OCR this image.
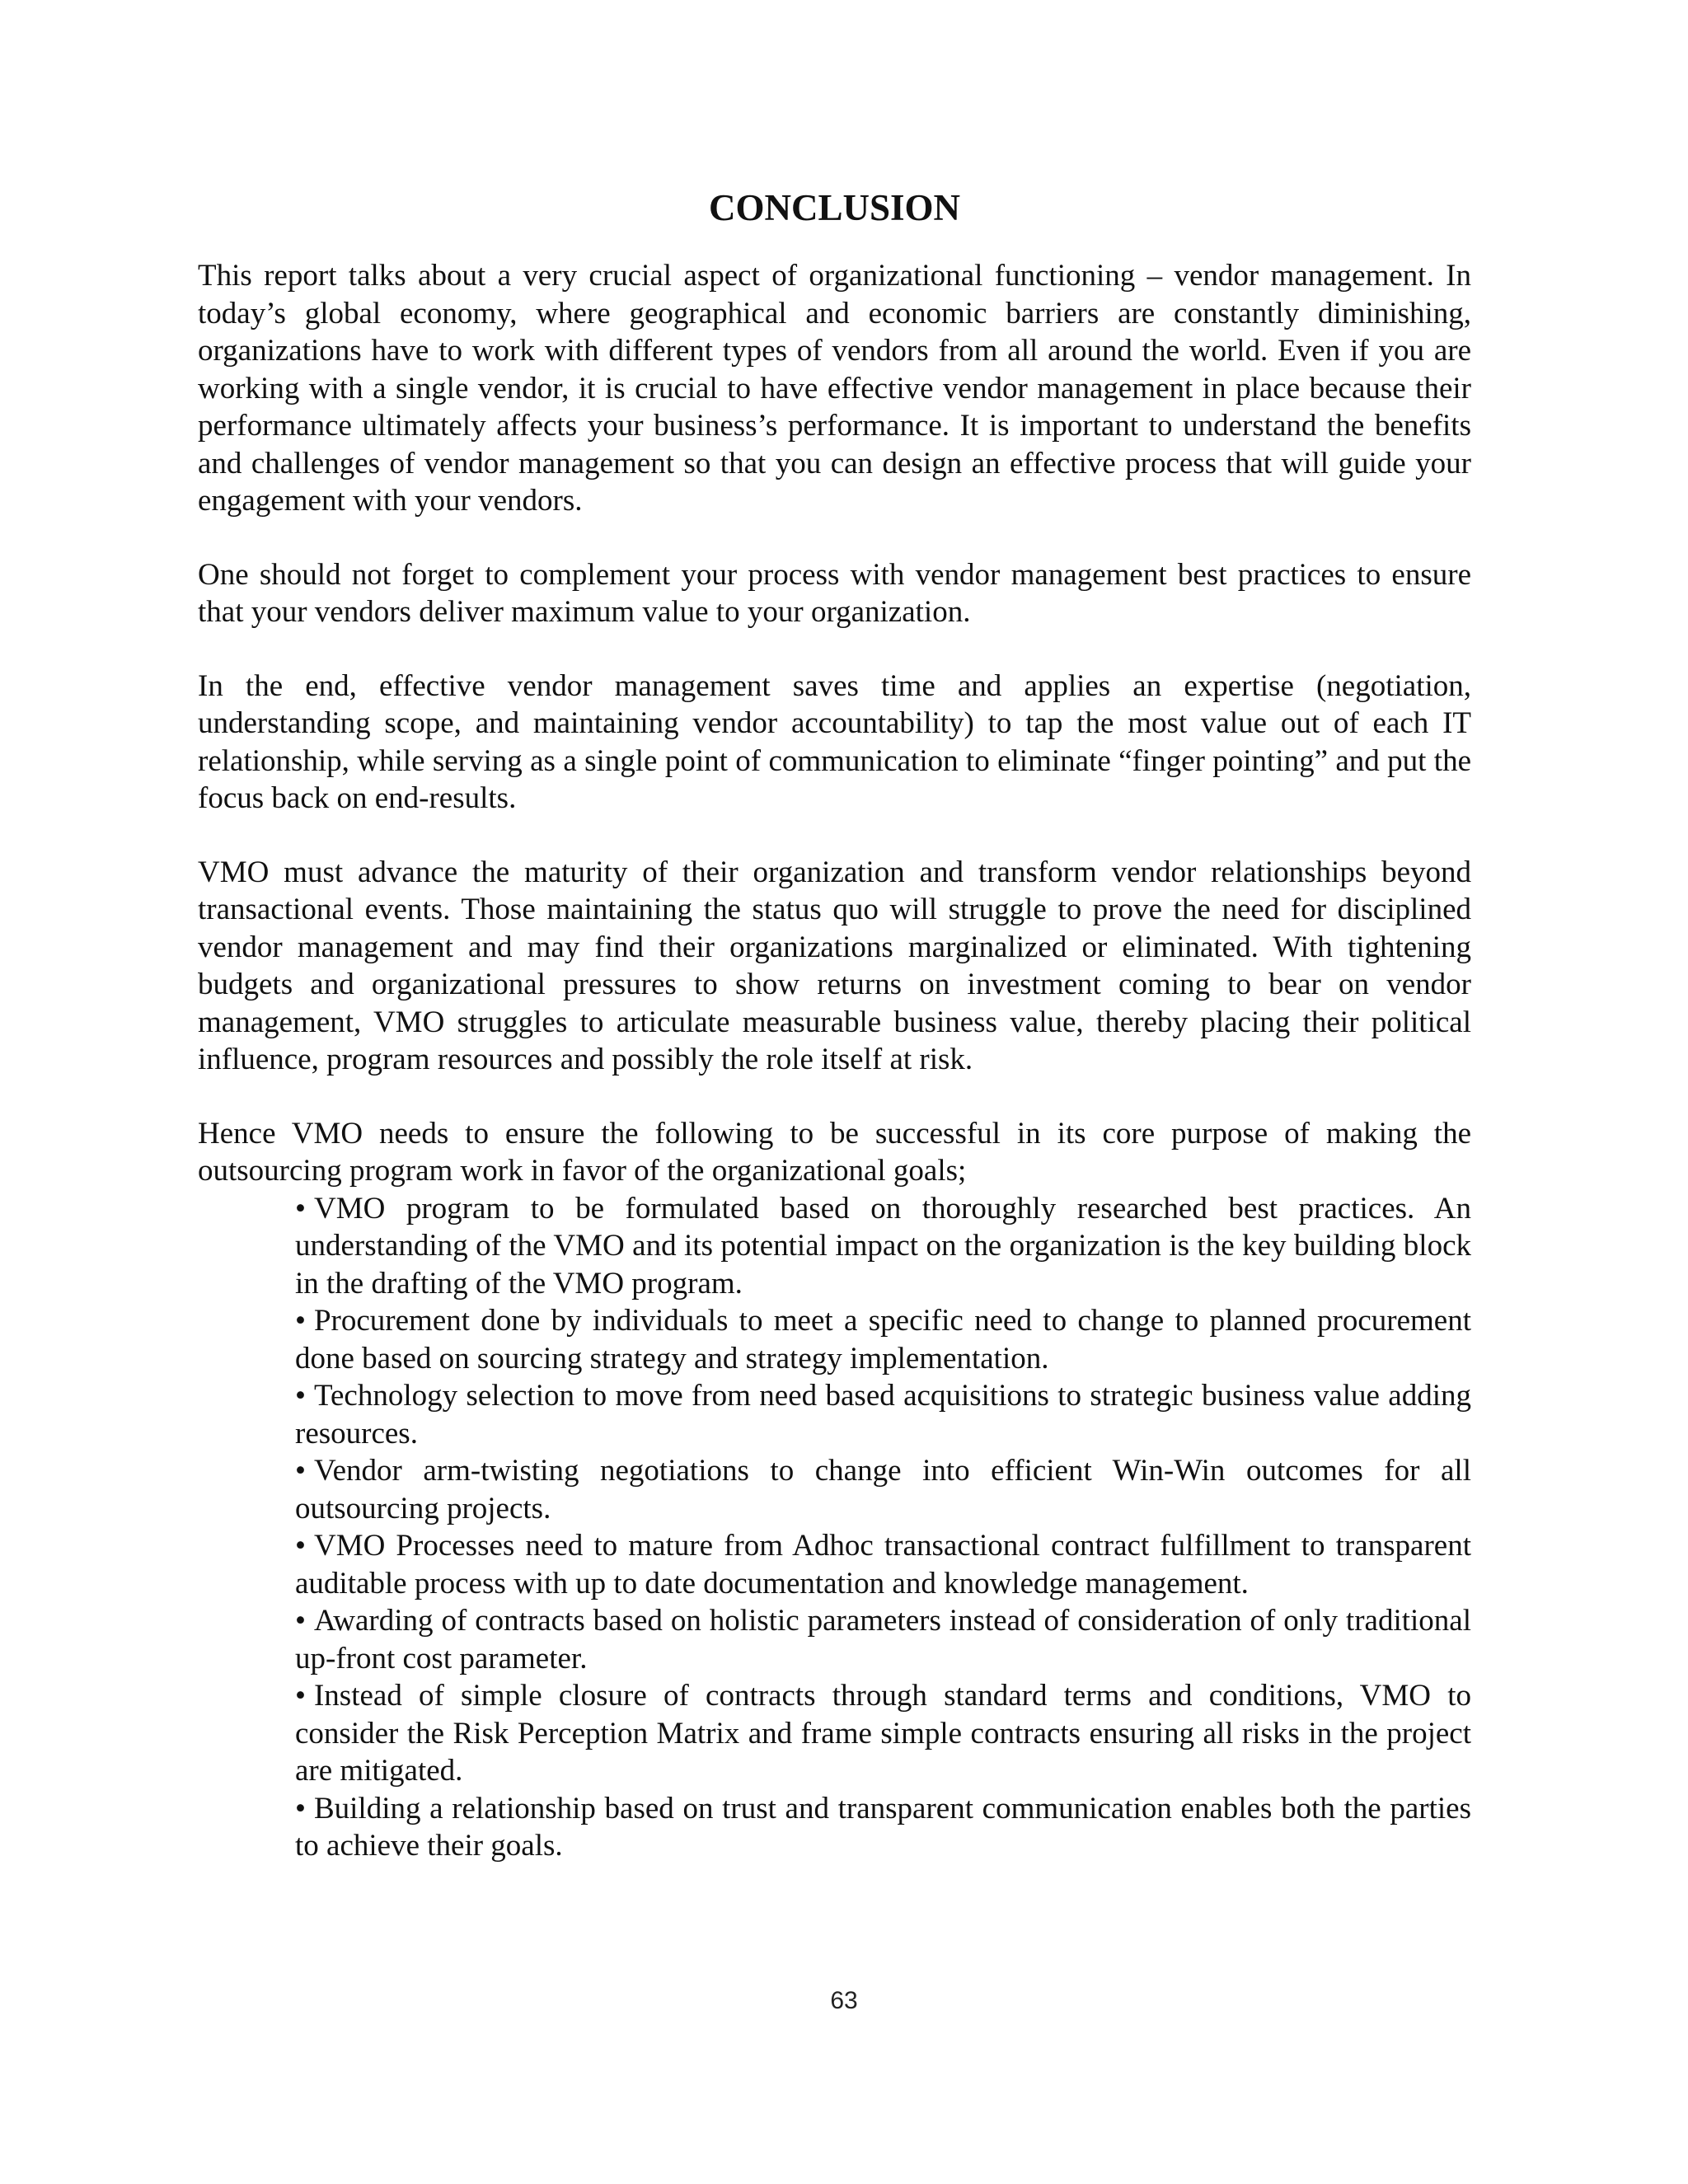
CONCLUSION

This report talks about a very crucial aspect of organizational functioning – vendor management. In today’s global economy, where geographical and economic barriers are constantly diminishing, organizations have to work with different types of vendors from all around the world. Even if you are working with a single vendor, it is crucial to have effective vendor management in place because their performance ultimately affects your business’s performance. It is important to understand the benefits and challenges of vendor management so that you can design an effective process that will guide your engagement with your vendors.

One should not forget to complement your process with vendor management best practices to ensure that your vendors deliver maximum value to your organization.

In the end, effective vendor management saves time and applies an expertise (negotiation, understanding scope, and maintaining vendor accountability) to tap the most value out of each IT relationship, while serving as a single point of communication to eliminate “finger pointing” and put the focus back on end-results.

VMO must advance the maturity of their organization and transform vendor relationships beyond transactional events. Those maintaining the status quo will struggle to prove the need for disciplined vendor management and may find their organizations marginalized or eliminated. With tightening budgets and organizational pressures to show returns on investment coming to bear on vendor management, VMO struggles to articulate measurable business value, thereby placing their political influence, program resources and possibly the role itself at risk.

Hence VMO needs to ensure the following to be successful in its core purpose of making the outsourcing program work in favor of the organizational goals;

• VMO program to be formulated based on thoroughly researched best practices. An understanding of the VMO and its potential impact on the organization is the key building block in the drafting of the VMO program.
• Procurement done by individuals to meet a specific need to change to planned procurement done based on sourcing strategy and strategy implementation.
• Technology selection to move from need based acquisitions to strategic business value adding resources.
• Vendor arm-twisting negotiations to change into efficient Win-Win outcomes for all outsourcing projects.
• VMO Processes need to mature from Adhoc transactional contract fulfillment to transparent auditable process with up to date documentation and knowledge management.
• Awarding of contracts based on holistic parameters instead of consideration of only traditional up-front cost parameter.
• Instead of simple closure of contracts through standard terms and conditions, VMO to consider the Risk Perception Matrix and frame simple contracts ensuring all risks in the project are mitigated.
• Building a relationship based on trust and transparent communication enables both the parties to achieve their goals.
63
